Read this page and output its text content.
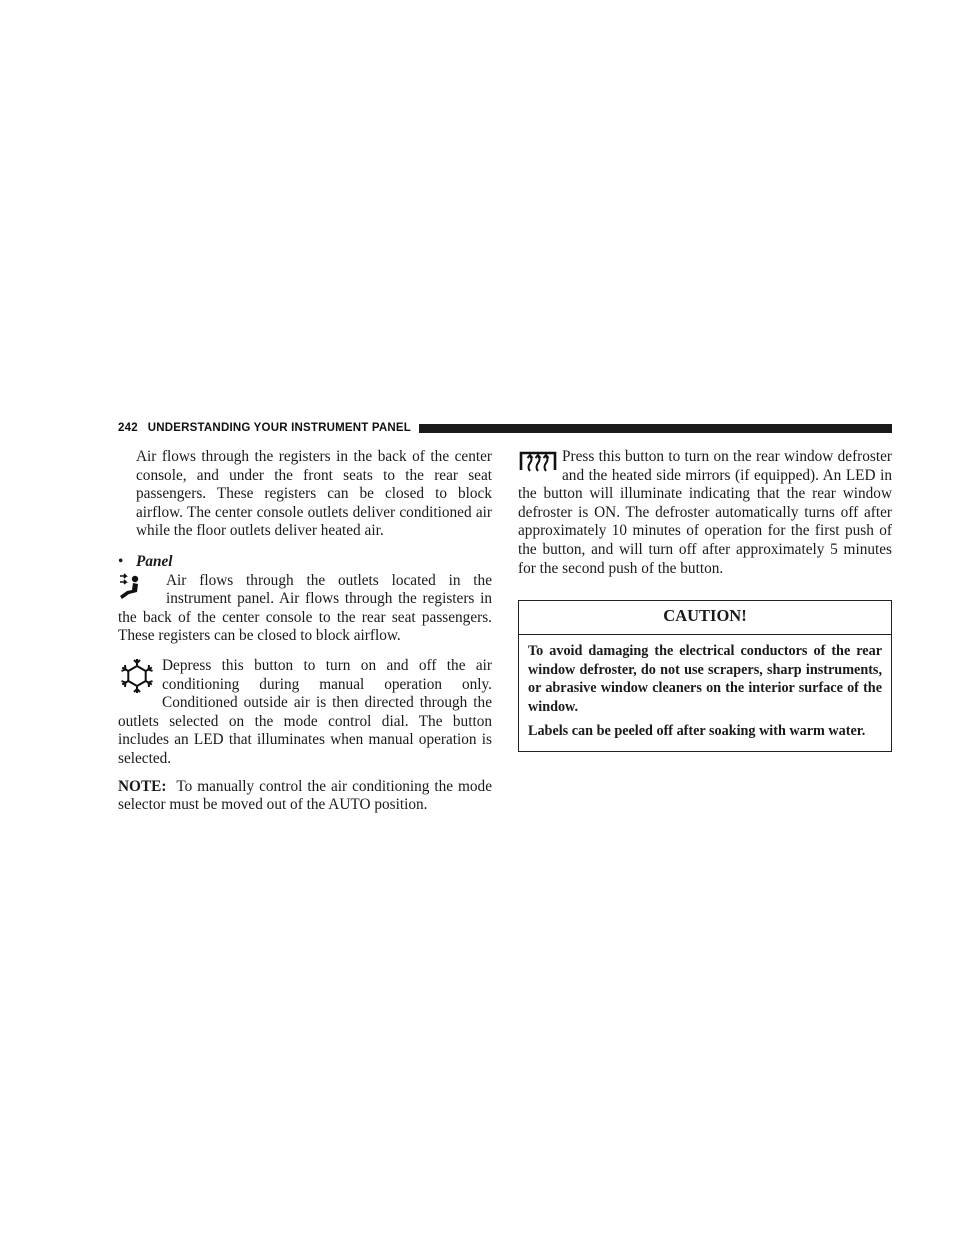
242 UNDERSTANDING YOUR INSTRUMENT PANEL

Air flows through the registers in the back of the center console, and under the front seats to the rear seat passengers. These registers can be closed to block airflow. The center console outlets deliver conditioned air while the floor outlets deliver heated air.

• Panel

Air flows through the outlets located in the instrument panel. Air flows through the registers in the back of the center console to the rear seat passengers. These registers can be closed to block airflow.

Depress this button to turn on and off the air conditioning during manual operation only. Conditioned outside air is then directed through the outlets selected on the mode control dial. The button includes an LED that illuminates when manual operation is selected.

NOTE: To manually control the air conditioning the mode selector must be moved out of the AUTO position.

Press this button to turn on the rear window defroster and the heated side mirrors (if equipped). An LED in the button will illuminate indicating that the rear window defroster is ON. The defroster automatically turns off after approximately 10 minutes of operation for the first push of the button, and will turn off after approximately 5 minutes for the second push of the button.

CAUTION!

To avoid damaging the electrical conductors of the rear window defroster, do not use scrapers, sharp instruments, or abrasive window cleaners on the interior surface of the window.

Labels can be peeled off after soaking with warm water.
